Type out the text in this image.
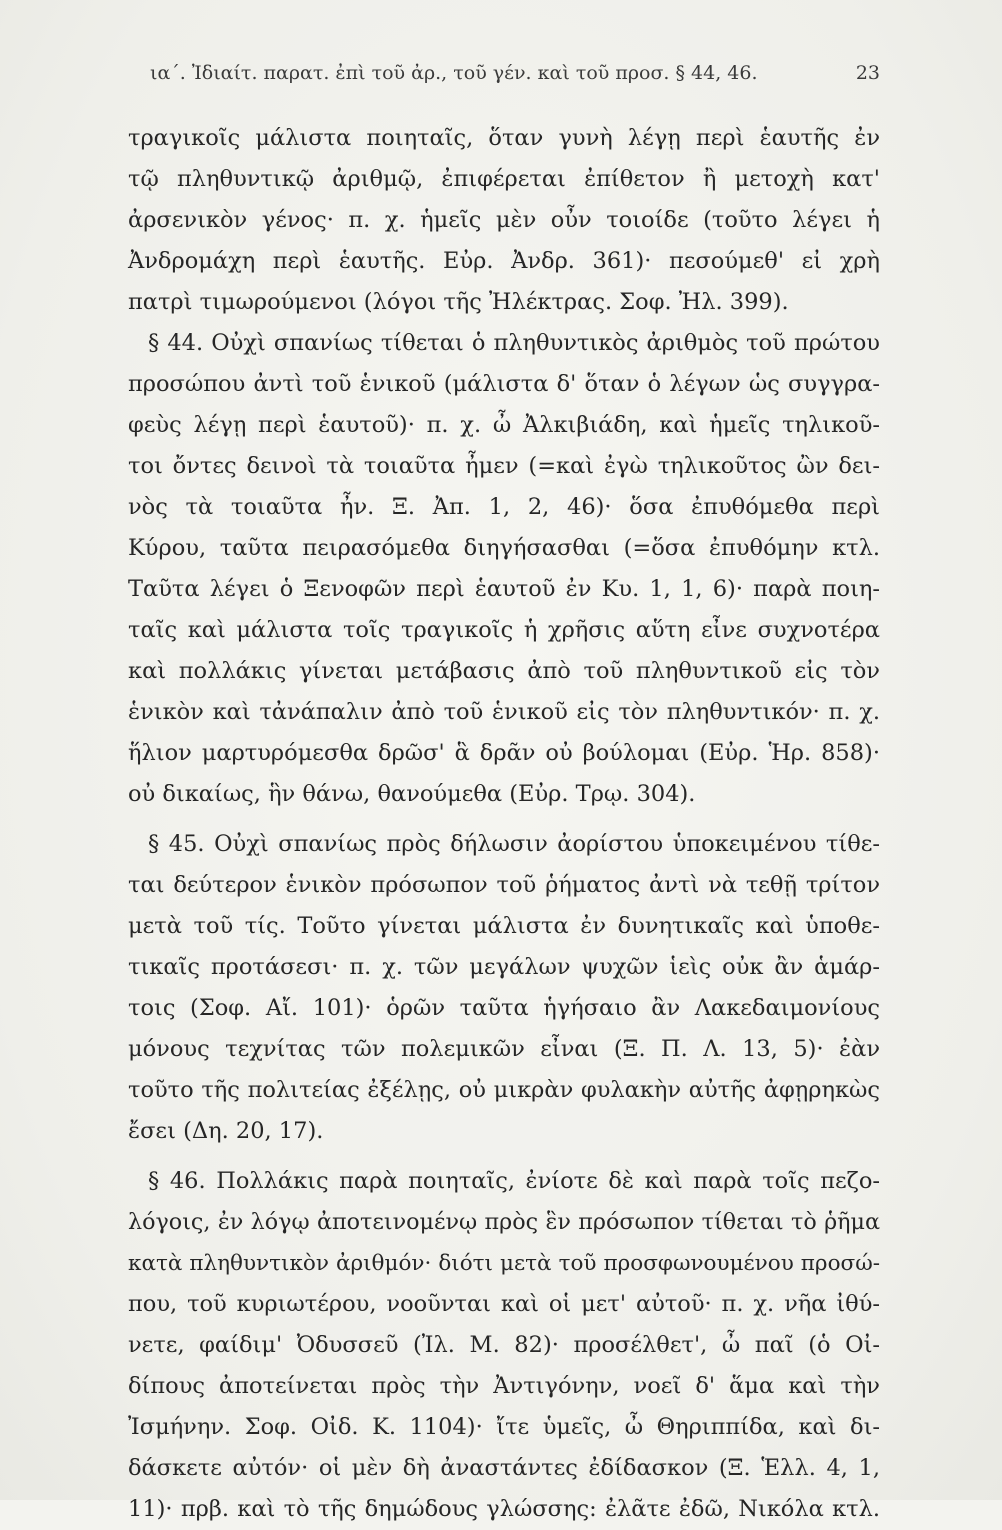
ια΄. Ἰδιαίτ. παρατ. ἐπὶ τοῦ ἀρ., τοῦ γέν. καὶ τοῦ προσ. § 44, 46.	23
τραγικοῖς μάλιστα ποιηταῖς, ὅταν γυνὴ λέγῃ περὶ ἑαυτῆς ἐν
τῷ πληθυντικῷ ἀριθμῷ, ἐπιφέρεται ἐπίθετον ἢ μετοχὴ κατ'
ἀρσενικὸν γένος· π. χ. ἡμεῖς μὲν οὖν τοιοίδε (τοῦτο λέγει ἡ
Ἀνδρομάχη περὶ ἑαυτῆς. Εὐρ. Ἀνδρ. 361)· πεσούμεθ' εἰ χρὴ
πατρὶ τιμωρούμενοι (λόγοι τῆς Ἠλέκτρας. Σοφ. Ἠλ. 399).
§ 44. Οὐχὶ σπανίως τίθεται ὁ πληθυντικὸς ἀριθμὸς τοῦ πρώτου
προσώπου ἀντὶ τοῦ ἑνικοῦ (μάλιστα δ' ὅταν ὁ λέγων ὡς συγγρα-
φεὺς λέγῃ περὶ ἑαυτοῦ)· π. χ. ὦ Ἀλκιβιάδη, καὶ ἡμεῖς τηλικοῦ-
τοι ὄντες δεινοὶ τὰ τοιαῦτα ἦμεν (=καὶ ἐγὼ τηλικοῦτος ὢν δει-
νὸς τὰ τοιαῦτα ἦν. Ξ. Ἀπ. 1, 2, 46)· ὅσα ἐπυθόμεθα περὶ
Κύρου, ταῦτα πειρασόμεθα διηγήσασθαι (=ὅσα ἐπυθόμην κτλ.
Ταῦτα λέγει ὁ Ξενοφῶν περὶ ἑαυτοῦ ἐν Κυ. 1, 1, 6)· παρὰ ποιη-
ταῖς καὶ μάλιστα τοῖς τραγικοῖς ἡ χρῆσις αὕτη εἶνε συχνοτέρα
καὶ πολλάκις γίνεται μετάβασις ἀπὸ τοῦ πληθυντικοῦ εἰς τὸν
ἑνικὸν καὶ τἀνάπαλιν ἀπὸ τοῦ ἑνικοῦ εἰς τὸν πληθυντικόν· π. χ.
ἥλιον μαρτυρόμεσθα δρῶσ' ἃ δρᾶν οὐ βούλομαι (Εὐρ. Ἡρ. 858)·
οὐ δικαίως, ἣν θάνω, θανούμεθα (Εὐρ. Τρῳ. 304).
§ 45. Οὐχὶ σπανίως πρὸς δήλωσιν ἀορίστου ὑποκειμένου τίθε-
ται δεύτερον ἑνικὸν πρόσωπον τοῦ ῥήματος ἀντὶ νὰ τεθῇ τρίτον
μετὰ τοῦ τίς. Τοῦτο γίνεται μάλιστα ἐν δυνητικαῖς καὶ ὑποθε-
τικαῖς προτάσεσι· π. χ. τῶν μεγάλων ψυχῶν ἱεὶς οὐκ ἂν ἁμάρ-
τοις (Σοφ. Αἴ. 101)· ὁρῶν ταῦτα ἡγήσαιο ἂν Λακεδαιμονίους
μόνους τεχνίτας τῶν πολεμικῶν εἶναι (Ξ. Π. Λ. 13, 5)· ἐὰν
τοῦτο τῆς πολιτείας ἐξέλῃς, οὐ μικρὰν φυλακὴν αὐτῆς ἀφῃρηκὼς
ἔσει (Δη. 20, 17).
§ 46. Πολλάκις παρὰ ποιηταῖς, ἐνίοτε δὲ καὶ παρὰ τοῖς πεζο-
λόγοις, ἐν λόγῳ ἀποτεινομένῳ πρὸς ἓν πρόσωπον τίθεται τὸ ῥῆμα
κατὰ πληθυντικὸν ἀριθμόν· διότι μετὰ τοῦ προσφωνουμένου προσώ-
που, τοῦ κυριωτέρου, νοοῦνται καὶ οἱ μετ' αὐτοῦ· π. χ. νῆα ἰθύ-
νετε, φαίδιμ' Ὀδυσσεῦ (Ἰλ. Μ. 82)· προσέλθετ', ὦ παῖ (ὁ Οἰ-
δίπους ἀποτείνεται πρὸς τὴν Ἀντιγόνην, νοεῖ δ' ἅμα καὶ τὴν
Ἰσμήνην. Σοφ. Οἰδ. Κ. 1104)· ἴτε ὑμεῖς, ὦ Θηριππίδα, καὶ δι-
δάσκετε αὐτόν· οἱ μὲν δὴ ἀναστάντες ἐδίδασκον (Ξ. Ἑλλ. 4, 1,
11)· πρβ. καὶ τὸ τῆς δημώδους γλώσσης: ἐλᾶτε ἐδῶ, Νικόλα κτλ.
